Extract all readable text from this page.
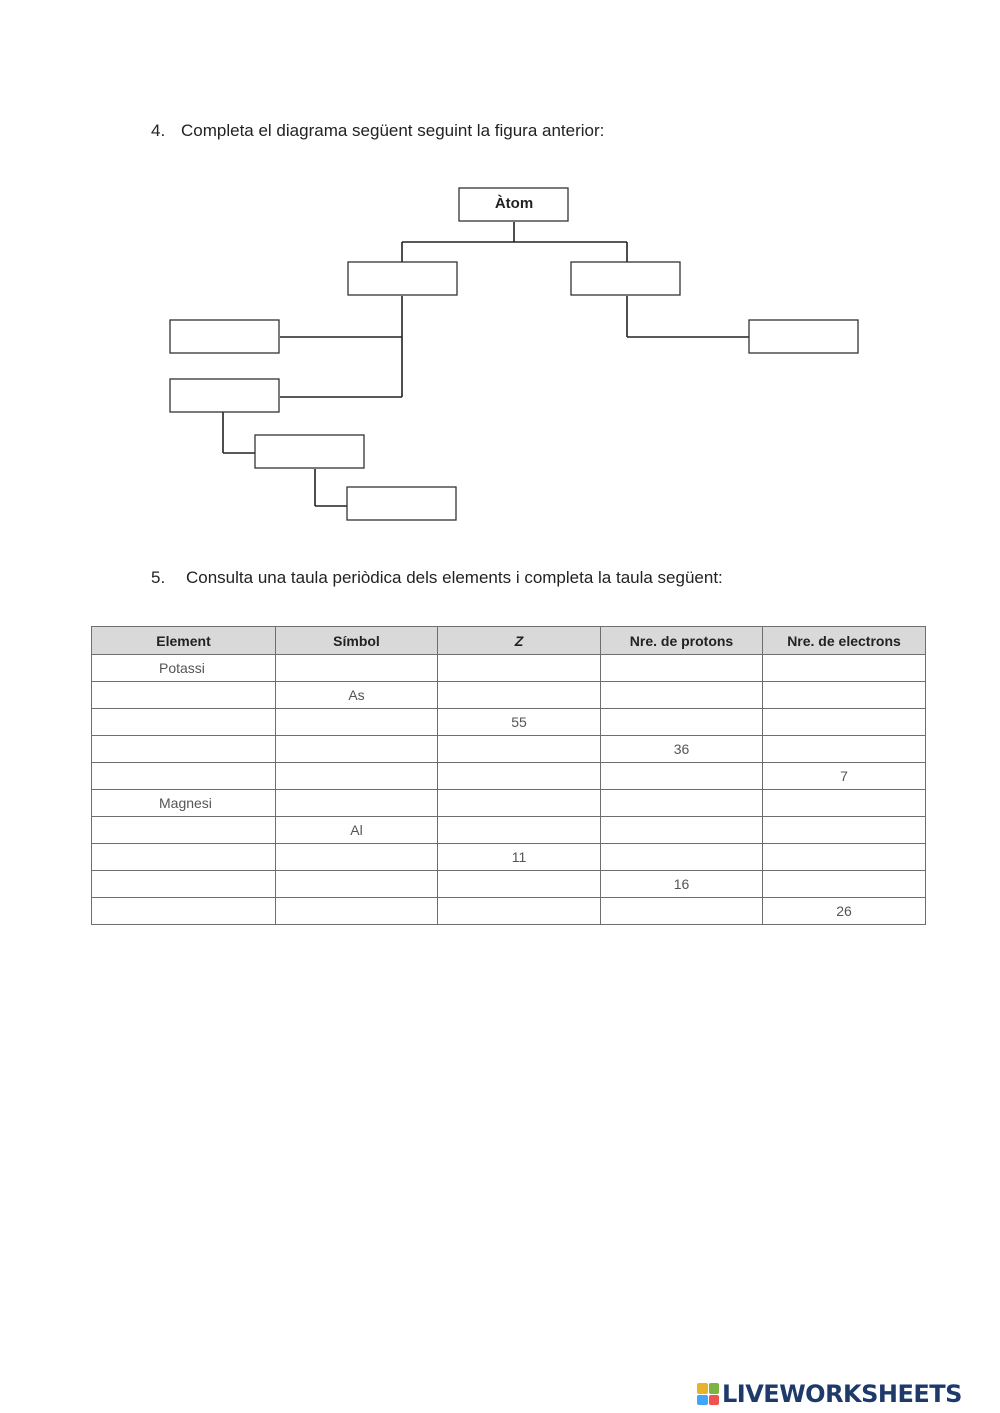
4. Completa el diagrama següent seguint la figura anterior:
Àtom
5. Consulta una taula periòdica dels elements i completa la taula següent:
Element	Símbol	Z	Nre. de protons	Nre. de electrons
Potassi				
	As			
		55		
			36	
				7
Magnesi				
	Al			
		11		
			16	
				26
LIVEWORKSHEETS
